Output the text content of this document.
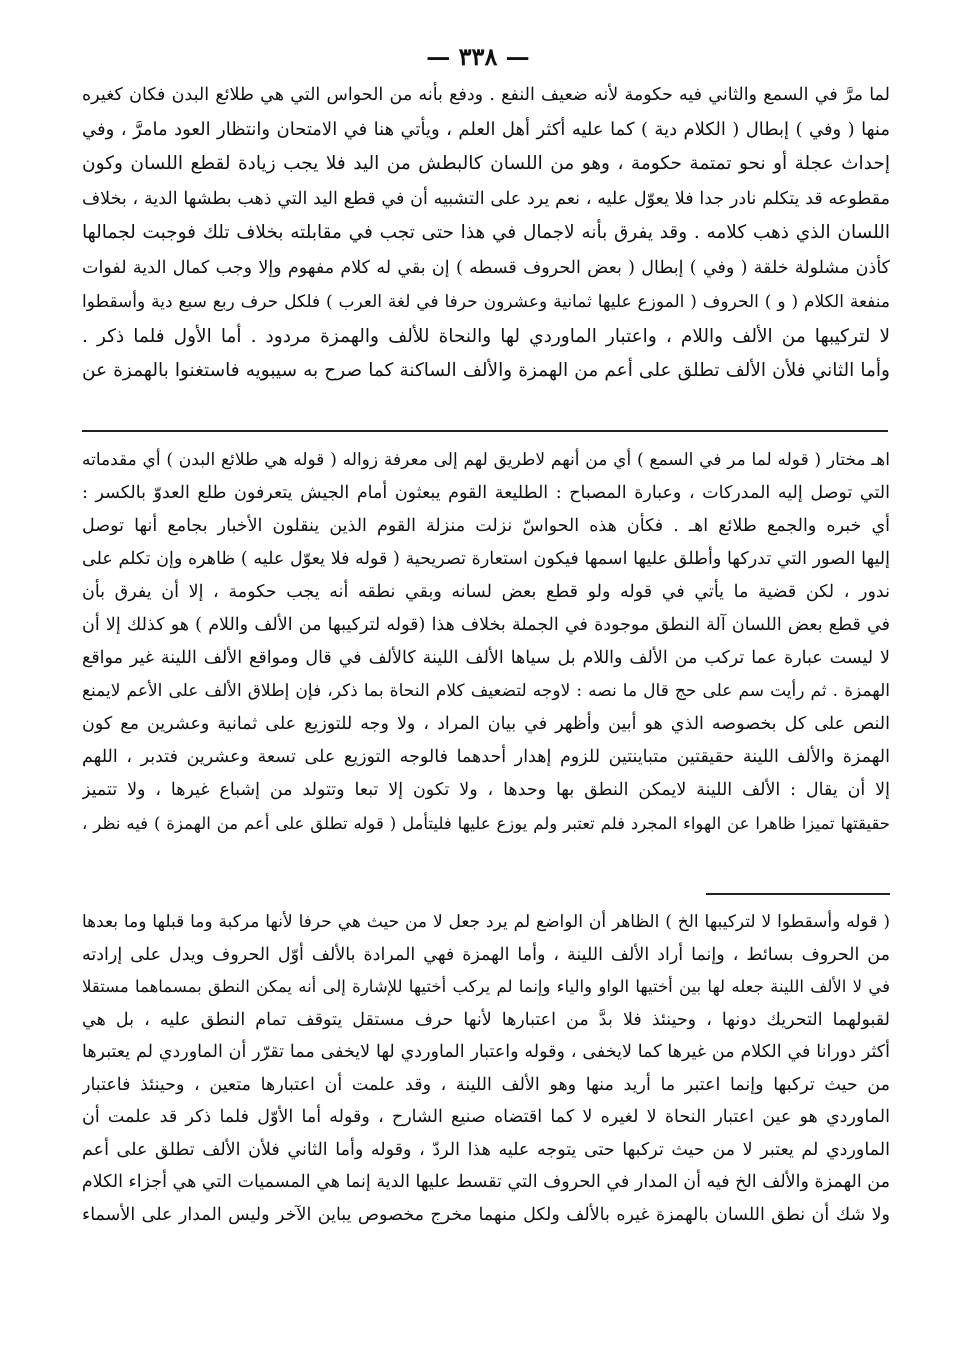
— ٣٣٨ —
لما مرَّ في السمع والثاني فيه حكومة لأنه ضعيف النفع . ودفع بأنه من الحواس التي هي طلائع البدن فكان كغيره
منها ( وفي ) إبطال ( الكلام دية ) كما عليه أكثر أهل العلم ، ويأتي هنا في الامتحان وانتظار العود مامرَّ ، وفي
إحداث عجلة أو نحو تمتمة حكومة ، وهو من اللسان كالبطش من اليد فلا يجب زيادة لقطع اللسان وكون
مقطوعه قد يتكلم نادر جدا فلا يعوّل عليه ، نعم يرد على التشبيه أن في قطع اليد التي ذهب بطشها الدية ، بخلاف
اللسان الذي ذهب كلامه . وقد يفرق بأنه لاجمال في هذا حتى تجب في مقابلته بخلاف تلك فوجبت لجمالها
كأذن مشلولة خلقة ( وفي ) إبطال ( بعض الحروف قسطه ) إن بقي له كلام مفهوم وإلا وجب كمال الدية لفوات
منفعة الكلام ( و ) الحروف ( الموزع عليها ثمانية وعشرون حرفا في لغة العرب ) فلكل حرف ربع سبع دية وأسقطوا
لا لتركيبها من الألف واللام ، واعتبار الماوردي لها والنحاة للألف والهمزة مردود . أما الأول فلما ذكر .
وأما الثاني فلأن الألف تطلق على أعم من الهمزة والألف الساكنة كما صرح به سيبويه فاستغنوا بالهمزة عن
اهـ مختار ( قوله لما مر في السمع ) أي من أنهم لاطريق لهم إلى معرفة زواله ( قوله هي طلائع البدن ) أي مقدماته
التي توصل إليه المدركات ، وعبارة المصباح : الطليعة القوم يبعثون أمام الجيش يتعرفون طلع العدوّ بالكسر :
أي خبره والجمع طلائع اهـ . فكأن هذه الحواسّ نزلت منزلة القوم الذين ينقلون الأخبار بجامع أنها توصل
إليها الصور التي تدركها وأطلق عليها اسمها فيكون استعارة تصريحية ( قوله فلا يعوّل عليه ) ظاهره وإن تكلم على
ندور ، لكن قضية ما يأتي في قوله ولو قطع بعض لسانه وبقي نطقه أنه يجب حكومة ، إلا أن يفرق بأن
في قطع بعض اللسان آلة النطق موجودة في الجملة بخلاف هذا (قوله لتركيبها من الألف واللام ) هو كذلك إلا أن
لا ليست عبارة عما تركب من الألف واللام بل سياها الألف اللينة كالألف في قال ومواقع الألف اللينة غير مواقع
الهمزة . ثم رأيت سم على حج قال ما نصه : لاوجه لتضعيف كلام النحاة بما ذكر، فإن إطلاق الألف على الأعم لايمنع
النص على كل بخصوصه الذي هو أبين وأظهر في بيان المراد ، ولا وجه للتوزيع على ثمانية وعشرين مع كون
الهمزة والألف اللينة حقيقتين متباينتين للزوم إهدار أحدهما فالوجه التوزيع على تسعة وعشرين فتدبر ، اللهم
إلا أن يقال : الألف اللينة لايمكن النطق بها وحدها ، ولا تكون إلا تبعا وتتولد من إشباع غيرها ، ولا تتميز
حقيقتها تميزا ظاهرا عن الهواء المجرد فلم تعتبر ولم يوزع عليها فليتأمل ( قوله تطلق على أعم من الهمزة ) فيه نظر ،
( قوله وأسقطوا لا لتركيبها الخ ) الظاهر أن الواضع لم يرد جعل لا من حيث هي حرفا لأنها مركبة وما قبلها وما بعدها
من الحروف بسائط ، وإنما أراد الألف اللينة ، وأما الهمزة فهي المرادة بالألف أوّل الحروف ويدل على إرادته
في لا الألف اللينة جعله لها بين أختيها الواو والياء وإنما لم يركب أختيها للإشارة إلى أنه يمكن النطق بمسماهما مستقلا
لقبولهما التحريك دونها ، وحينئذ فلا بدَّ من اعتبارها لأنها حرف مستقل يتوقف تمام النطق عليه ، بل هي
أكثر دورانا في الكلام من غيرها كما لايخفى ، وقوله واعتبار الماوردي لها لايخفى مما تقرّر أن الماوردي لم يعتبرها
من حيث تركبها وإنما اعتبر ما أريد منها وهو الألف اللينة ، وقد علمت أن اعتبارها متعين ، وحينئذ فاعتبار
الماوردي هو عين اعتبار النحاة لا لغيره لا كما اقتضاه صنيع الشارح ، وقوله أما الأوّل فلما ذكر قد علمت أن
الماوردي لم يعتبر لا من حيث تركبها حتى يتوجه عليه هذا الردّ ، وقوله وأما الثاني فلأن الألف تطلق على أعم
من الهمزة والألف الخ فيه أن المدار في الحروف التي تقسط عليها الدية إنما هي المسميات التي هي أجزاء الكلام
ولا شك أن نطق اللسان بالهمزة غيره بالألف ولكل منهما مخرج مخصوص يباين الآخر وليس المدار على الأسماء
